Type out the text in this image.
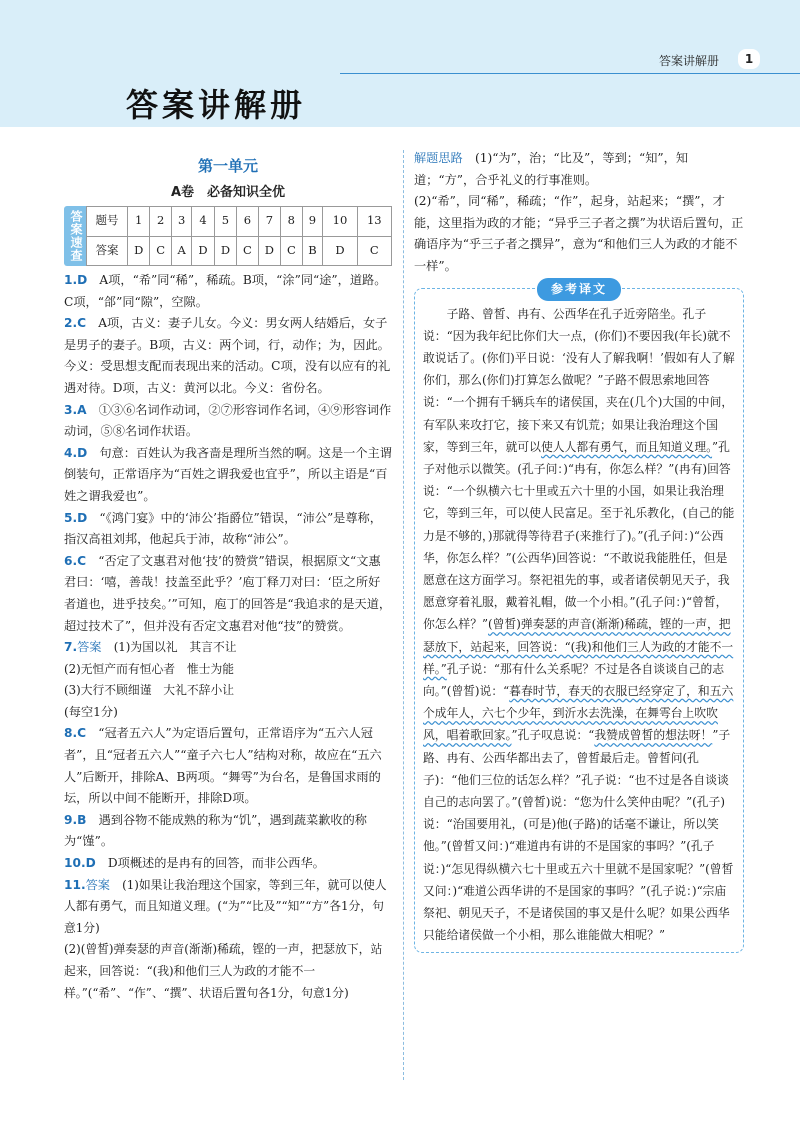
答案讲解册	1
答案讲解册
第一单元
A卷　必备知识全优
答案速查 题号	1	2	3	4	5	6	7	8	9	10	13
答案	D	C	A	D	D	C	D	C	B	D	C
1.D　 A项，“希”同“稀”，稀疏。B项，“涂”同“途”，道路。C项，“郃”同“隙”，空隙。
2.C　 A项，古义：妻子儿女。今义：男女两人结婚后，女子是男子的妻子。B项，古义：两个词，行，动作；为，因此。今义：受思想支配而表现出来的活动。C项，没有以应有的礼遇对待。D项，古义：黄河以北。今义：省份名。
3.A　 ①③⑥名词作动词，②⑦形容词作名词，④⑨形容词作动词，⑤⑧名词作状语。
4.D　 句意：百姓认为我吝啬是理所当然的啊。这是一个主谓倒装句，正常语序为“百姓之谓我爱也宜乎”，所以主语是“百姓之谓我爱也”。
5.D　 “《鸿门宴》中的‘沛公’指爵位”错误，“沛公”是尊称，指汉高祖刘邦，他起兵于沛，故称“沛公”。
6.C　 “否定了文惠君对他‘技’的赞赏”错误，根据原文“文惠君曰：‘嘻，善哉！技盖至此乎？’庖丁释刀对曰：‘臣之所好者道也，进乎技矣。’”可知，庖丁的回答是“我追求的是天道，超过技术了”，但并没有否定文惠君对他“技”的赞赏。

7.答案　 (1)为国以礼　其言不让

(2)无恒产而有恒心者　惟士为能

(3)大行不顾细谨　大礼不辞小让

(每空1分)

8.C　 “冠者五六人”为定语后置句，正常语序为“五六人冠者”，且“冠者五六人”“童子六七人”结构对称，故应在“五六人”后断开，排除A、B两项。“舞雩”为台名，是鲁国求雨的坛，所以中间不能断开，排除D项。
9.B　 遇到谷物不能成熟的称为“饥”，遇到蔬菜歉收的称为“馑”。
10.D　 D项概述的是冉有的回答，而非公西华。

11.答案　 (1)如果让我治理这个国家，等到三年，就可以使人人都有勇气，而且知道义理。(“为”“比及”“知”“方”各1分，句意1分)

(2)(曾皙)弹奏瑟的声音(渐渐)稀疏，铿的一声，把瑟放下，站起来，回答说：“(我)和他们三人为政的才能不一样。”(“希”、“作”、“撰”、状语后置句各1分，句意1分)

解题思路　 (1)“为”，治；“比及”，等到；“知”，知道；“方”，合乎礼义的行事准则。

(2)“希”，同“稀”，稀疏；“作”，起身，站起来；“撰”，才能，这里指为政的才能；“异乎三子者之撰”为状语后置句，正确语序为“乎三子者之撰异”，意为“和他们三人为政的才能不一样”。

参考译文

子路、曾皙、冉有、公西华在孔子近旁陪坐。孔子说：“因为我年纪比你们大一点，(你们)不要因我(年长)就不敢说话了。(你们)平日说：‘没有人了解我啊！’假如有人了解你们，那么(你们)打算怎么做呢？”子路不假思索地回答说：“一个拥有千辆兵车的诸侯国，夹在(几个)大国的中间，有军队来攻打它，接下来又有饥荒；如果让我治理这个国家，等到三年，就可以使人人都有勇气，而且知道义理。”孔子对他示以微笑。(孔子问：)“冉有，你怎么样？”(冉有)回答说：“一个纵横六七十里或五六十里的小国，如果让我治理它，等到三年，可以使人民富足。至于礼乐教化，(自己的能力是不够的，)那就得等待君子(来推行了)。”(孔子问：)“公西华，你怎么样？”(公西华)回答说：“不敢说我能胜任，但是愿意在这方面学习。祭祀祖先的事，或者诸侯朝见天子，我愿意穿着礼服，戴着礼帽，做一个小相。”(孔子问：)“曾皙，你怎么样？”(曾皙)弹奏瑟的声音(渐渐)稀疏，铿的一声，把瑟放下，站起来，回答说：“(我)和他们三人为政的才能不一样。”孔子说：“那有什么关系呢？不过是各自谈谈自己的志向。”(曾皙)说：“暮春时节，春天的衣服已经穿定了，和五六个成年人，六七个少年，到沂水去洗澡，在舞雩台上吹吹风，唱着歌回家。”孔子叹息说：“我赞成曾皙的想法呀！”子路、冉有、公西华都出去了，曾皙最后走。曾皙问(孔子)：“他们三位的话怎么样？”孔子说：“也不过是各自谈谈自己的志向罢了。”(曾皙)说：“您为什么笑仲由呢？”(孔子)说：“治国要用礼，(可是)他(子路)的话毫不谦让，所以笑他。”(曾皙又问：)“难道冉有讲的不是国家的事吗？”(孔子说：)“怎见得纵横六七十里或五六十里就不是国家呢？”(曾皙又问：)“难道公西华讲的不是国家的事吗？”(孔子说：)“宗庙祭祀、朝见天子，不是诸侯国的事又是什么呢？如果公西华只能给诸侯做一个小相，那么谁能做大相呢？”
